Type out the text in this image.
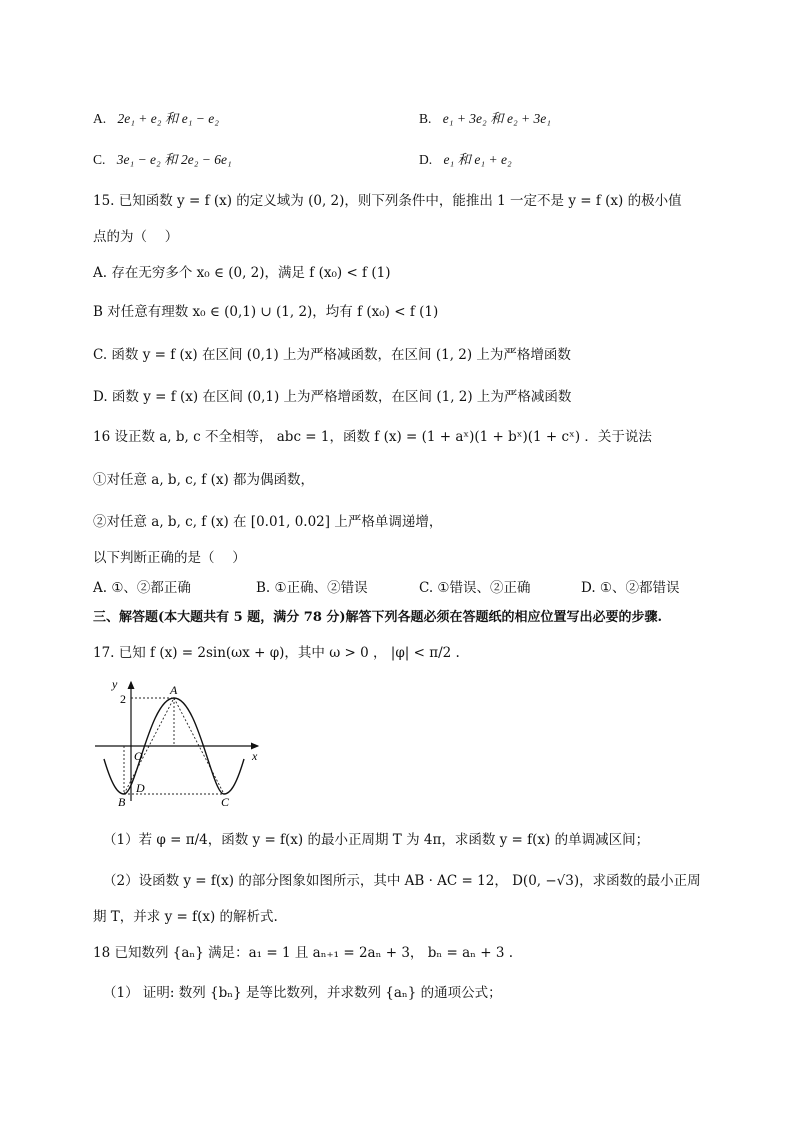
A. 2e₁ + e₂ 和 e₁ − e₂	B. e₁ + 3e₂ 和 e₂ + 3e₁
C. 3e₁ − e₂ 和 2e₂ − 6e₁	D. e₁ 和 e₁ + e₂
15. 已知函数 y = f (x) 的定义域为 (0, 2)，则下列条件中，能推出 1 一定不是 y = f (x) 的极小值
点的为（　 ）
A. 存在无穷多个 x₀ ∈ (0, 2)，满足 f (x₀) < f (1)
B 对任意有理数 x₀ ∈ (0,1) ∪ (1, 2)，均有 f (x₀) < f (1)
C. 函数 y = f (x) 在区间 (0,1) 上为严格减函数，在区间 (1, 2) 上为严格增函数
D. 函数 y = f (x) 在区间 (0,1) 上为严格增函数，在区间 (1, 2) 上为严格减函数
16 设正数 a, b, c 不全相等， abc = 1，函数 f (x) = (1 + aˣ)(1 + bˣ)(1 + cˣ) ．关于说法
①对任意 a, b, c, f (x) 都为偶函数，
②对任意 a, b, c, f (x) 在 [0.01, 0.02] 上严格单调递增，
以下判断正确的是（　 ）
A. ①、②都正确	B. ①正确、②错误	C. ①错误、②正确	D. ①、②都错误
三、解答题(本大题共有 5 题，满分 78 分)解答下列各题必须在答题纸的相应位置写出必要的步骤.
17. 已知 f (x) = 2sin(ωx + φ)，其中 ω > 0 ， |φ| < π/2 .
y
x
2
O
A
B	C
D
（1）若 φ = π/4，函数 y = f(x) 的最小正周期 T 为 4π，求函数 y = f(x) 的单调减区间；
（2）设函数 y = f(x) 的部分图象如图所示，其中 AB · AC = 12， D(0, −√3)，求函数的最小正周
期 T，并求 y = f(x) 的解析式.
18 已知数列 {aₙ} 满足：a₁ = 1 且 aₙ₊₁ = 2aₙ + 3， bₙ = aₙ + 3 .
（1） 证明: 数列 {bₙ} 是等比数列，并求数列 {aₙ} 的通项公式；
